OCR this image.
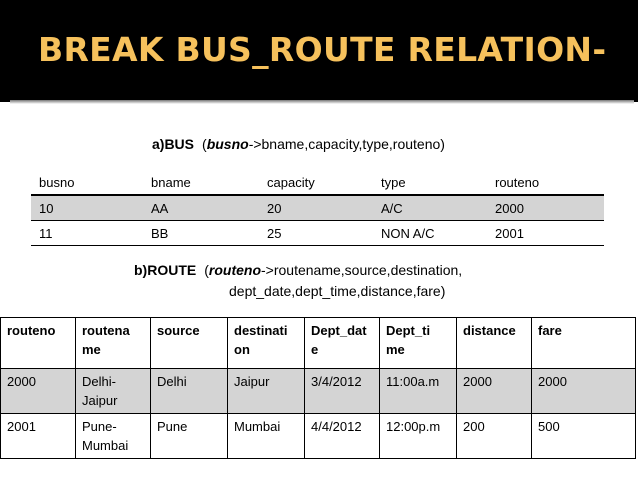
BREAK BUS_ROUTE RELATION-
a)BUS (busno->bname,capacity,type,routeno)
busno	bname	capacity	type	routeno
10	AA	20	A/C	2000
11	BB	25	NON A/C	2001
b)ROUTE (routeno->routename,source,destination,
dept_date,dept_time,distance,fare)
routeno	routena me	source	destinati on	Dept_dat e	Dept_ti me	distance	fare
2000	Delhi-Jaipur	Delhi	Jaipur	3/4/2012	11:00a.m	2000	2000
2001	Pune-Mumbai	Pune	Mumbai	4/4/2012	12:00p.m	200	500
